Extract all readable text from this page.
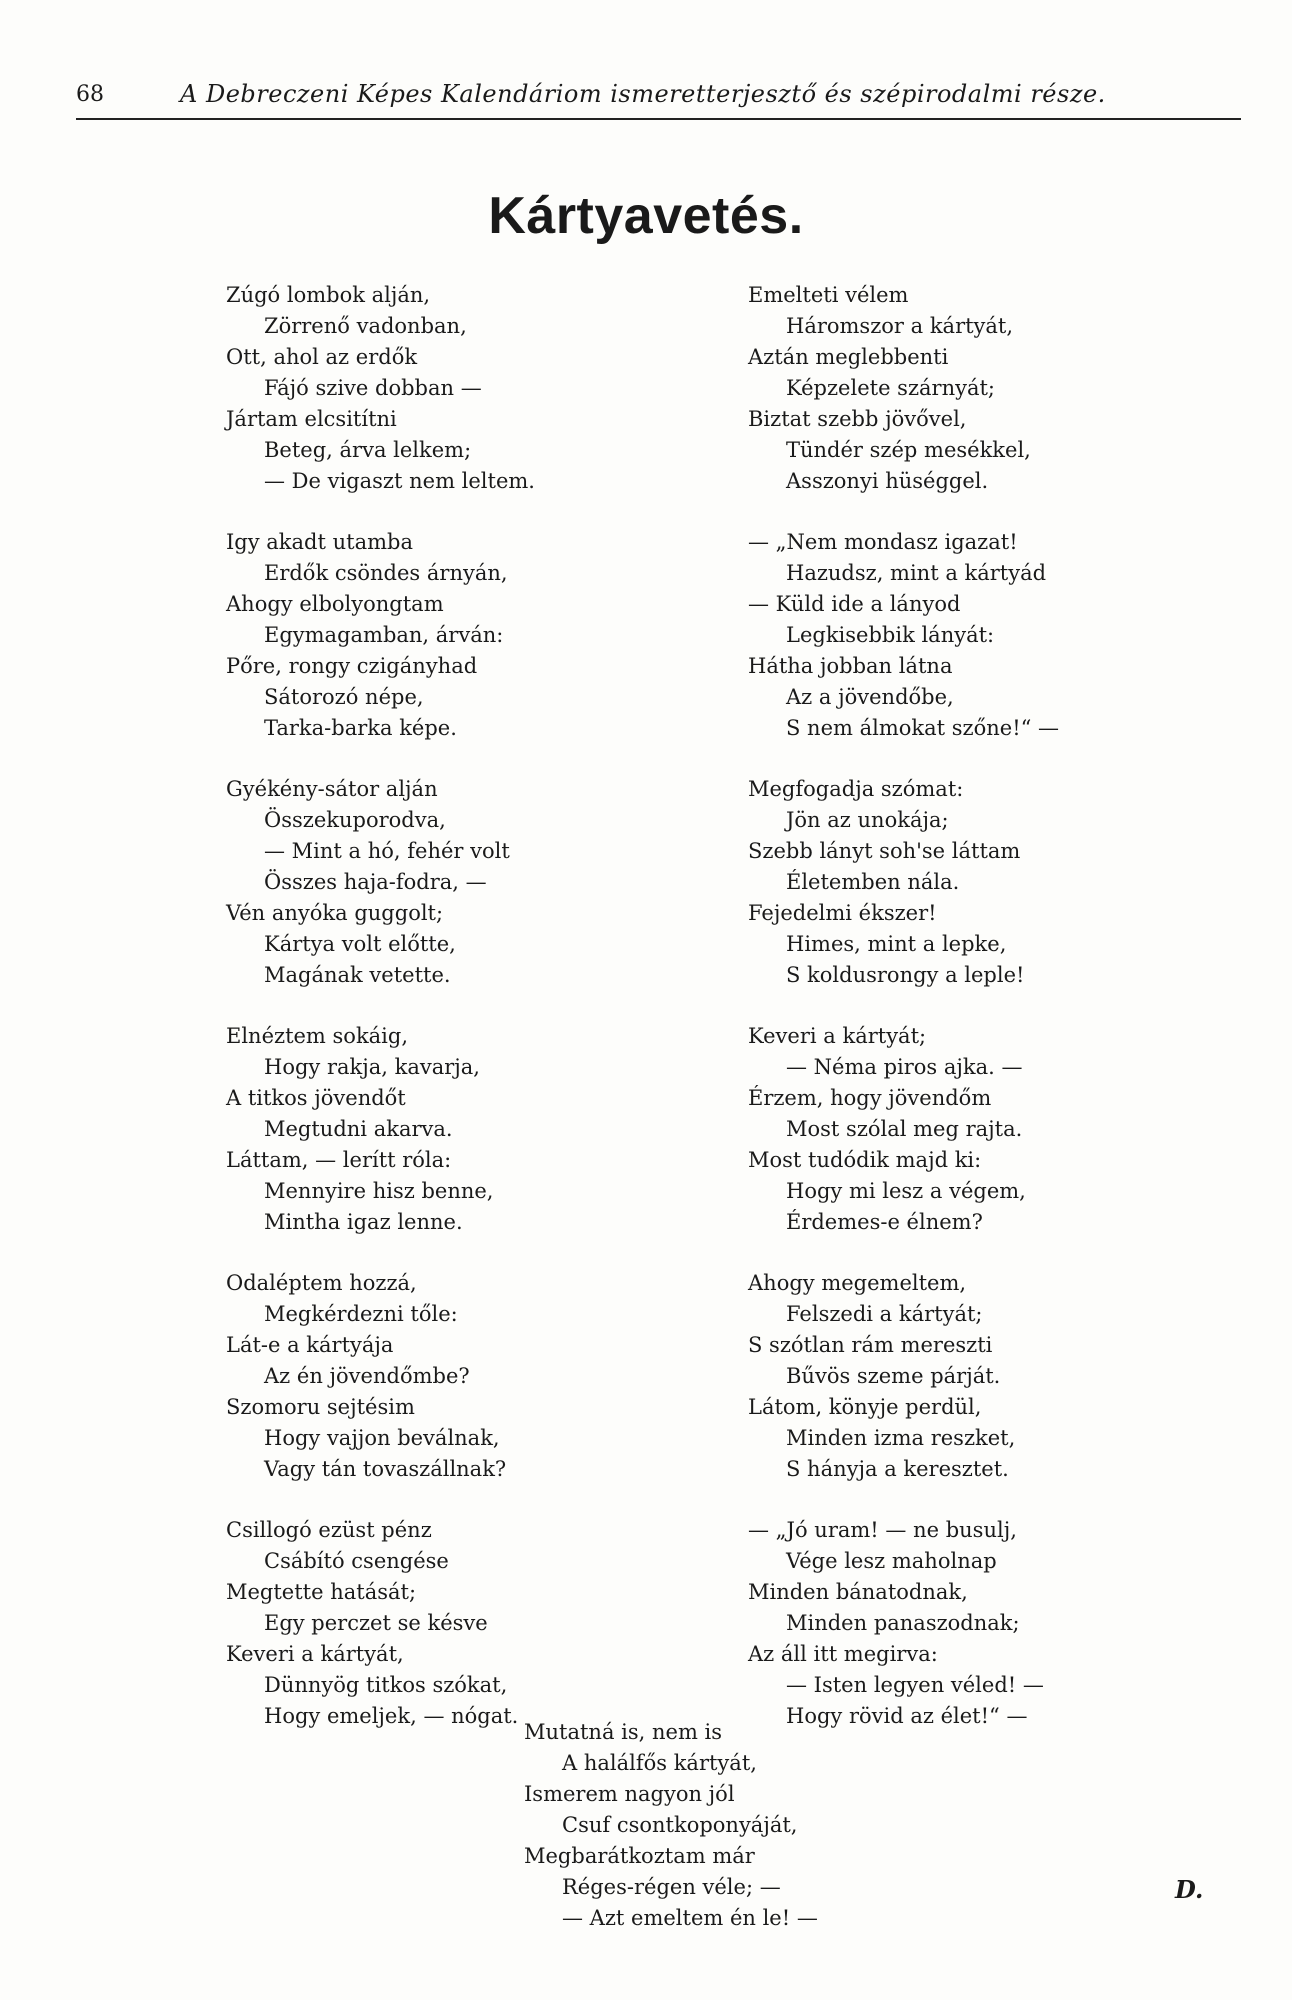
68	A Debreczeni Képes Kalendáriom ismeretterjesztő és szépirodalmi része.
Kártyavetés.
Zúgó lombok alján,
Zörrenő vadonban,
Ott, ahol az erdők
Fájó szive dobban —
Jártam elcsitítni
Beteg, árva lelkem;
— De vigaszt nem leltem.
Igy akadt utamba
Erdők csöndes árnyán,
Ahogy elbolyongtam
Egymagamban, árván:
Pőre, rongy czigányhad
Sátorozó népe,
Tarka-barka képe.
Gyékény-sátor alján
Összekuporodva,
— Mint a hó, fehér volt
Összes haja-fodra, —
Vén anyóka guggolt;
Kártya volt előtte,
Magának vetette.
Elnéztem sokáig,
Hogy rakja, kavarja,
A titkos jövendőt
Megtudni akarva.
Láttam, — lerítt róla:
Mennyire hisz benne,
Mintha igaz lenne.
Odaléptem hozzá,
Megkérdezni tőle:
Lát-e a kártyája
Az én jövendőmbe?
Szomoru sejtésim
Hogy vajjon beválnak,
Vagy tán tovaszállnak?
Csillogó ezüst pénz
Csábító csengése
Megtette hatását;
Egy perczet se késve
Keveri a kártyát,
Dünnyög titkos szókat,
Hogy emeljek, — nógat.
Emelteti vélem
Háromszor a kártyát,
Aztán meglebbenti
Képzelete szárnyát;
Biztat szebb jövővel,
Tündér szép mesékkel,
Asszonyi hüséggel.
— „Nem mondasz igazat!
Hazudsz, mint a kártyád
— Küld ide a lányod
Legkisebbik lányát:
Hátha jobban látna
Az a jövendőbe,
S nem álmokat szőne!“ —
Megfogadja szómat:
Jön az unokája;
Szebb lányt soh'se láttam
Életemben nála.
Fejedelmi ékszer!
Himes, mint a lepke,
S koldusrongy a leple!
Keveri a kártyát;
— Néma piros ajka. —
Érzem, hogy jövendőm
Most szólal meg rajta.
Most tudódik majd ki:
Hogy mi lesz a végem,
Érdemes-e élnem?
Ahogy megemeltem,
Felszedi a kártyát;
S szótlan rám mereszti
Bűvös szeme párját.
Látom, könyje perdül,
Minden izma reszket,
S hányja a keresztet.
— „Jó uram! — ne busulj,
Vége lesz maholnap
Minden bánatodnak,
Minden panaszodnak;
Az áll itt megirva:
— Isten legyen véled! —
Hogy rövid az élet!“ —
Mutatná is, nem is
A halálfős kártyát,
Ismerem nagyon jól
Csuf csontkoponyáját,
Megbarátkoztam már
Réges-régen véle; —
— Azt emeltem én le! —
D.
